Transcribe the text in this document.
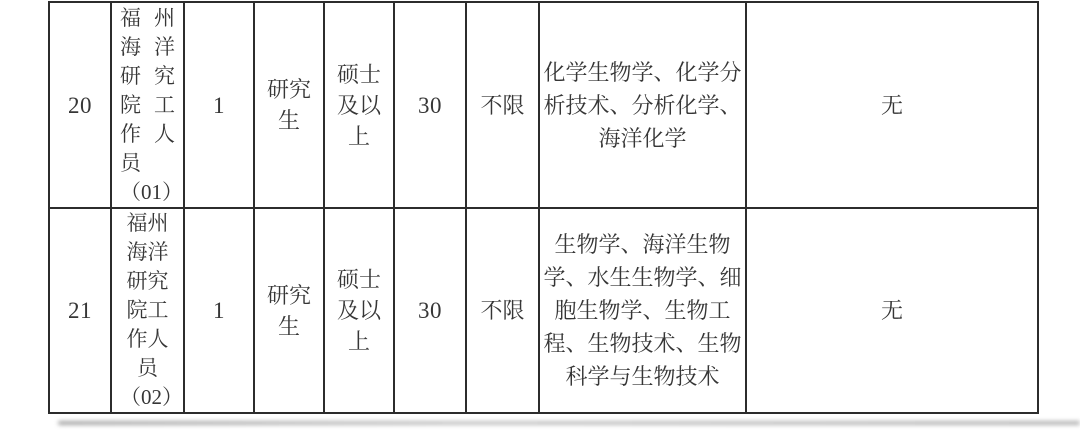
20
福州海洋研究院工作人员（01）
1
研究生
硕士及以上
30 不限
化学生物学、化学分析技术、分析化学、海洋化学
无
21
福州海洋研究院工作人员（02）
1
研究生
硕士及以上
30 不限
生物学、海洋生物学、水生生物学、细胞生物学、生物工程、生物技术、生物科学与生物技术
无
